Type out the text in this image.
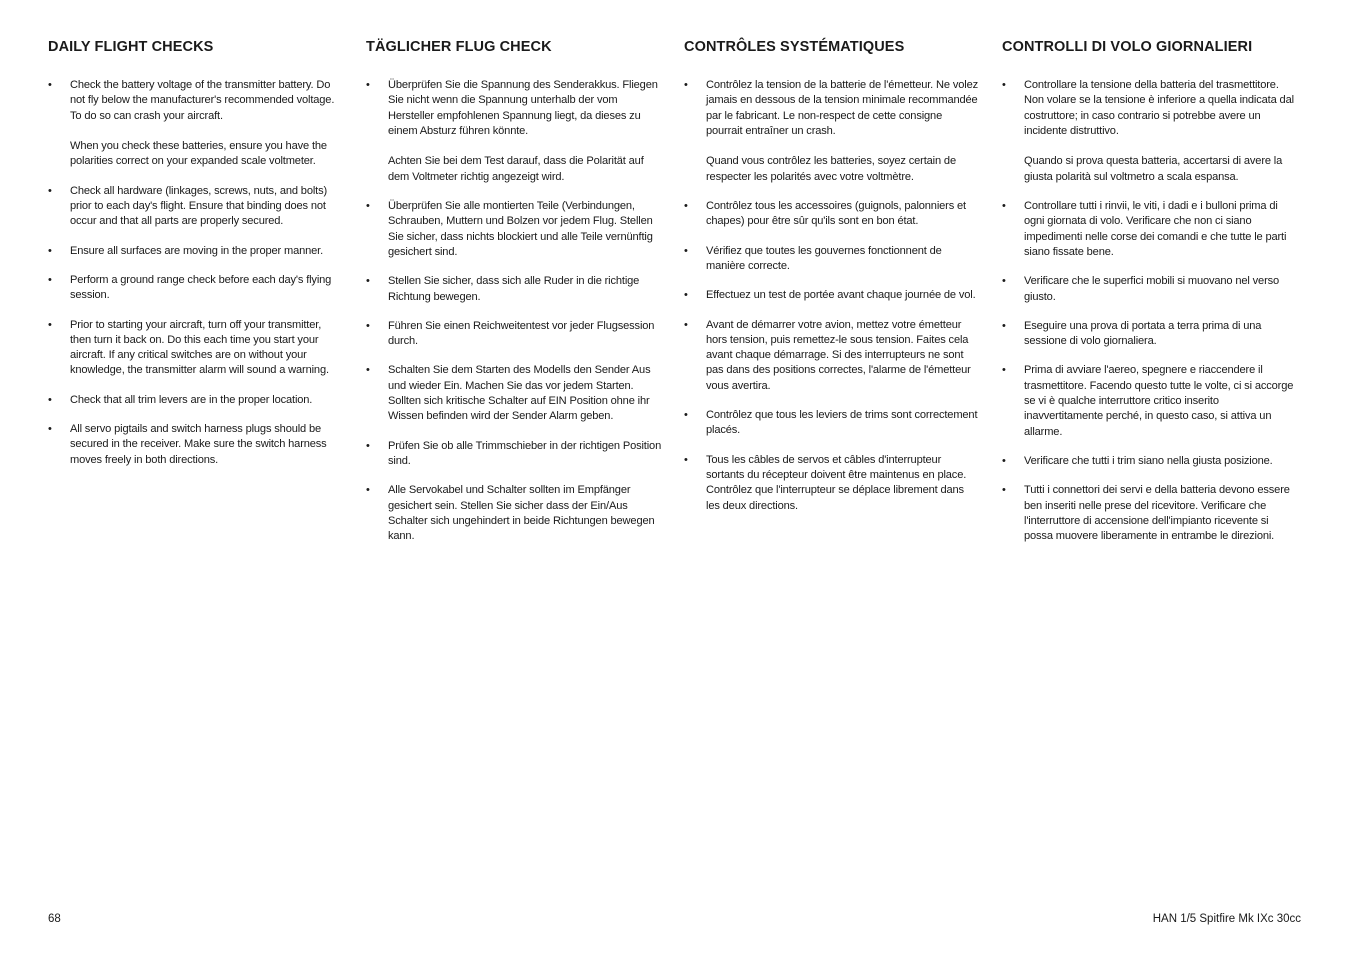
DAILY FLIGHT CHECKS
•	Check the battery voltage of the transmitter battery. Do not fly below the manufacturer's recommended voltage. To do so can crash your aircraft.

When you check these batteries, ensure you have the polarities correct on your expanded scale voltmeter.

•	Check all hardware (linkages, screws, nuts, and bolts) prior to each day's flight. Ensure that binding does not occur and that all parts are properly secured.

•	Ensure all surfaces are moving in the proper manner.

•	Perform a ground range check before each day's flying session.

•	Prior to starting your aircraft, turn off your transmitter, then turn it back on. Do this each time you start your aircraft. If any critical switches are on without your knowledge, the transmitter alarm will sound a warning.

•	Check that all trim levers are in the proper location.

•	All servo pigtails and switch harness plugs should be secured in the receiver. Make sure the switch harness moves freely in both directions.

TÄGLICHER FLUG CHECK
•	Überprüfen Sie die Spannung des Senderakkus. Fliegen Sie nicht wenn die Spannung unterhalb der vom Hersteller empfohlenen Spannung liegt, da dieses zu einem Absturz führen könnte.

Achten Sie bei dem Test darauf, dass die Polarität auf dem Voltmeter richtig angezeigt wird.

•	Überprüfen Sie alle montierten Teile (Verbindungen, Schrauben, Muttern und Bolzen vor jedem Flug. Stellen Sie sicher, dass nichts blockiert und alle Teile vernünftig gesichert sind.

•	Stellen Sie sicher, dass sich alle Ruder in die richtige Richtung bewegen.

•	Führen Sie einen Reichweitentest vor jeder Flugsession durch.

•	Schalten Sie dem Starten des Modells den Sender Aus und wieder Ein. Machen Sie das vor jedem Starten. Sollten sich kritische Schalter auf EIN Position ohne ihr Wissen befinden wird der Sender Alarm geben.

•	Prüfen Sie ob alle Trimmschieber in der richtigen Position sind.

•	Alle Servokabel und Schalter sollten im Empfänger gesichert sein. Stellen Sie sicher dass der Ein/Aus Schalter sich ungehindert in beide Richtungen bewegen kann.

CONTRÔLES SYSTÉMATIQUES
•	Contrôlez la tension de la batterie de l'émetteur. Ne volez jamais en dessous de la tension minimale recommandée par le fabricant. Le non-respect de cette consigne pourrait entraîner un crash.

Quand vous contrôlez les batteries, soyez certain de respecter les polarités avec votre voltmètre.

•	Contrôlez tous les accessoires (guignols, palonniers et chapes) pour être sûr qu'ils sont en bon état.

•	Vérifiez que toutes les gouvernes fonctionnent de manière correcte.

•	Effectuez un test de portée avant chaque journée de vol.

•	Avant de démarrer votre avion, mettez votre émetteur hors tension, puis remettez-le sous tension. Faites cela avant chaque démarrage. Si des interrupteurs ne sont pas dans des positions correctes, l'alarme de l'émetteur vous avertira.

•	Contrôlez que tous les leviers de trims sont correctement placés.

•	Tous les câbles de servos et câbles d'interrupteur sortants du récepteur doivent être maintenus en place. Contrôlez que l'interrupteur se déplace librement dans les deux directions.

CONTROLLI DI VOLO GIORNALIERI
•	Controllare la tensione della batteria del trasmettitore. Non volare se la tensione è inferiore a quella indicata dal costruttore; in caso contrario si potrebbe avere un incidente distruttivo.

Quando si prova questa batteria, accertarsi di avere la giusta polarità sul voltmetro a scala espansa.

•	Controllare tutti i rinvii, le viti, i dadi e i bulloni prima di ogni giornata di volo. Verificare che non ci siano impedimenti nelle corse dei comandi e che tutte le parti siano fissate bene.

•	Verificare che le superfici mobili si muovano nel verso giusto.

•	Eseguire una prova di portata a terra prima di una sessione di volo giornaliera.

•	Prima di avviare l'aereo, spegnere e riaccendere il trasmettitore. Facendo questo tutte le volte, ci si accorge se vi è qualche interruttore critico inserito inavvertitamente perché, in questo caso, si attiva un allarme.

•	Verificare che tutti i trim siano nella giusta posizione.

•	Tutti i connettori dei servi e della batteria devono essere ben inseriti nelle prese del ricevitore. Verificare che l'interruttore di accensione dell'impianto ricevente si possa muovere liberamente in entrambe le direzioni.

68	HAN 1/5 Spitfire Mk IXc 30cc
